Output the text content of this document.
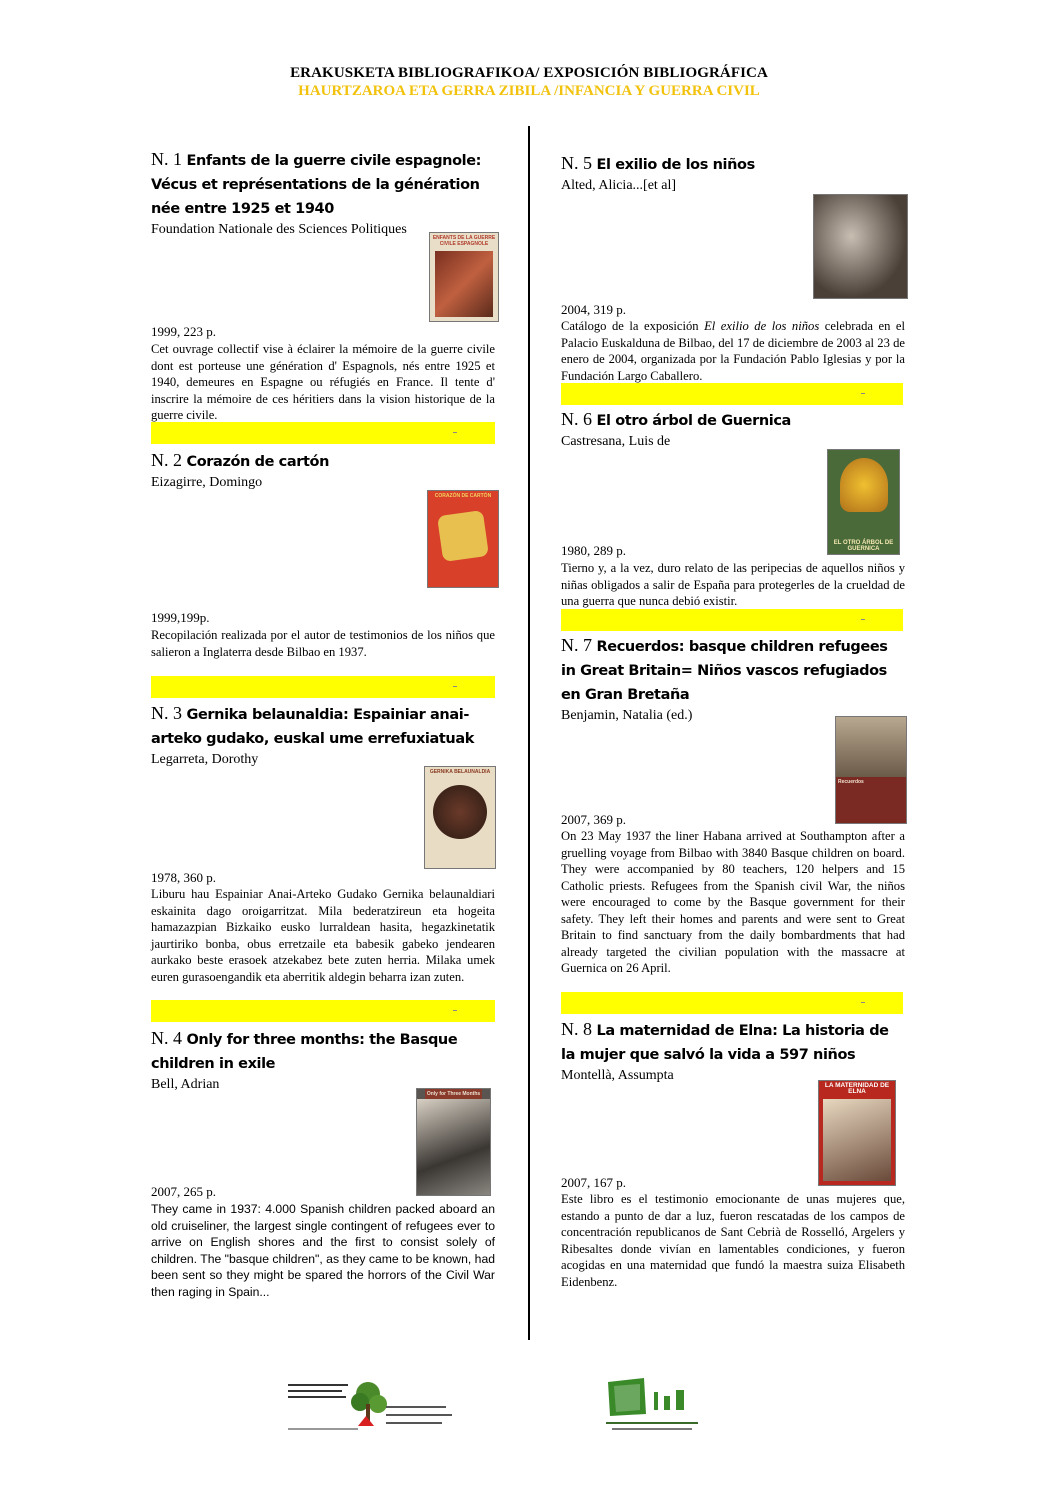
ERAKUSKETA BIBLIOGRAFIKOA/ EXPOSICIÓN BIBLIOGRÁFICA
HAURTZAROA ETA GERRA ZIBILA /INFANCIA Y GUERRA CIVIL
N. 1 Enfants de la guerre civile espagnole: Vécus et représentations de la génération née entre 1925 et 1940
Foundation Nationale des Sciences Politiques
ENFANTS DE LA GUERRE CIVILE ESPAGNOLE
1999, 223 p.
Cet ouvrage collectif vise à éclairer la mémoire de la guerre civile dont est porteuse une génération d' Espagnols, nés entre 1925 et 1940, demeures en Espagne ou réfugiés en France. Il tente d' inscrire la mémoire de ces héritiers dans la vision historique de la guerre civile.
N. 2 Corazón de cartón
Eizagirre, Domingo
CORAZÓN DE CARTÓN
1999,199p.
Recopilación realizada por el autor de testimonios de los niños que salieron a Inglaterra desde Bilbao en 1937.
N. 3 Gernika belaunaldia: Espainiar anai-arteko gudako, euskal ume errefuxiatuak
Legarreta, Dorothy
GERNIKA BELAUNALDIA
1978, 360 p.
Liburu hau Espainiar Anai-Arteko Gudako Gernika belaunaldiari eskainita dago oroigarritzat. Mila bederatzireun eta hogeita hamazazpian Bizkaiko eusko lurraldean hasita, hegazkinetatik jaurtiriko bonba, obus erretzaile eta babesik gabeko jendearen aurkako beste erasoek atzekabez bete zuten herria. Milaka umek euren gurasoengandik eta aberritik aldegin beharra izan zuten.
N. 4 Only for three months: the Basque children in exile
Bell, Adrian
Only for Three Months
2007, 265 p.
They came in 1937: 4.000 Spanish children packed aboard an old cruiseliner, the largest single contingent of refugees ever to arrive on English shores and the first to consist solely of children. The "basque children", as they came to be known, had been sent so they might be spared the horrors of the Civil War then raging in Spain...
N. 5 El exilio de los niños
Alted, Alicia...[et al]
2004, 319 p.
Catálogo de la exposición El exilio de los niños celebrada en el Palacio Euskalduna de Bilbao, del 17 de diciembre de 2003 al 23 de enero de 2004, organizada por la Fundación Pablo Iglesias y por la Fundación Largo Caballero.
N. 6 El otro árbol de Guernica
Castresana, Luis de
EL OTRO ÁRBOL DE GUERNICA
1980, 289 p.
Tierno y, a la vez, duro relato de las peripecias de aquellos niños y niñas obligados a salir de España para protegerles de la crueldad de una guerra que nunca debió existir.
N. 7 Recuerdos: basque children refugees in Great Britain= Niños vascos refugiados en Gran Bretaña
Benjamin, Natalia (ed.)
Recuerdos
2007, 369 p.
On 23 May 1937 the liner Habana arrived at Southampton after a gruelling voyage from Bilbao with 3840 Basque children on board. They were accompanied by 80 teachers, 120 helpers and 15 Catholic priests. Refugees from the Spanish civil War, the niños were encouraged to come by the Basque government for their safety. They left their homes and parents and were sent to Great Britain to find sanctuary from the daily bombardments that had already targeted the civilian population with the massacre at Guernica on 26 April.
N. 8 La maternidad de Elna: La historia de la mujer que salvó la vida a 597 niños
Montellà, Assumpta
LA MATERNIDAD DE ELNA
2007, 167 p.
Este libro es el testimonio emocionante de unas mujeres que, estando a punto de dar a luz, fueron rescatadas de los campos de concentración republicanos de Sant Cebrià de Rosselló, Argelers y Ribesaltes donde vivían en lamentables condiciones, y fueron acogidas en una maternidad que fundó la maestra suiza Elisabeth Eidenbenz.
